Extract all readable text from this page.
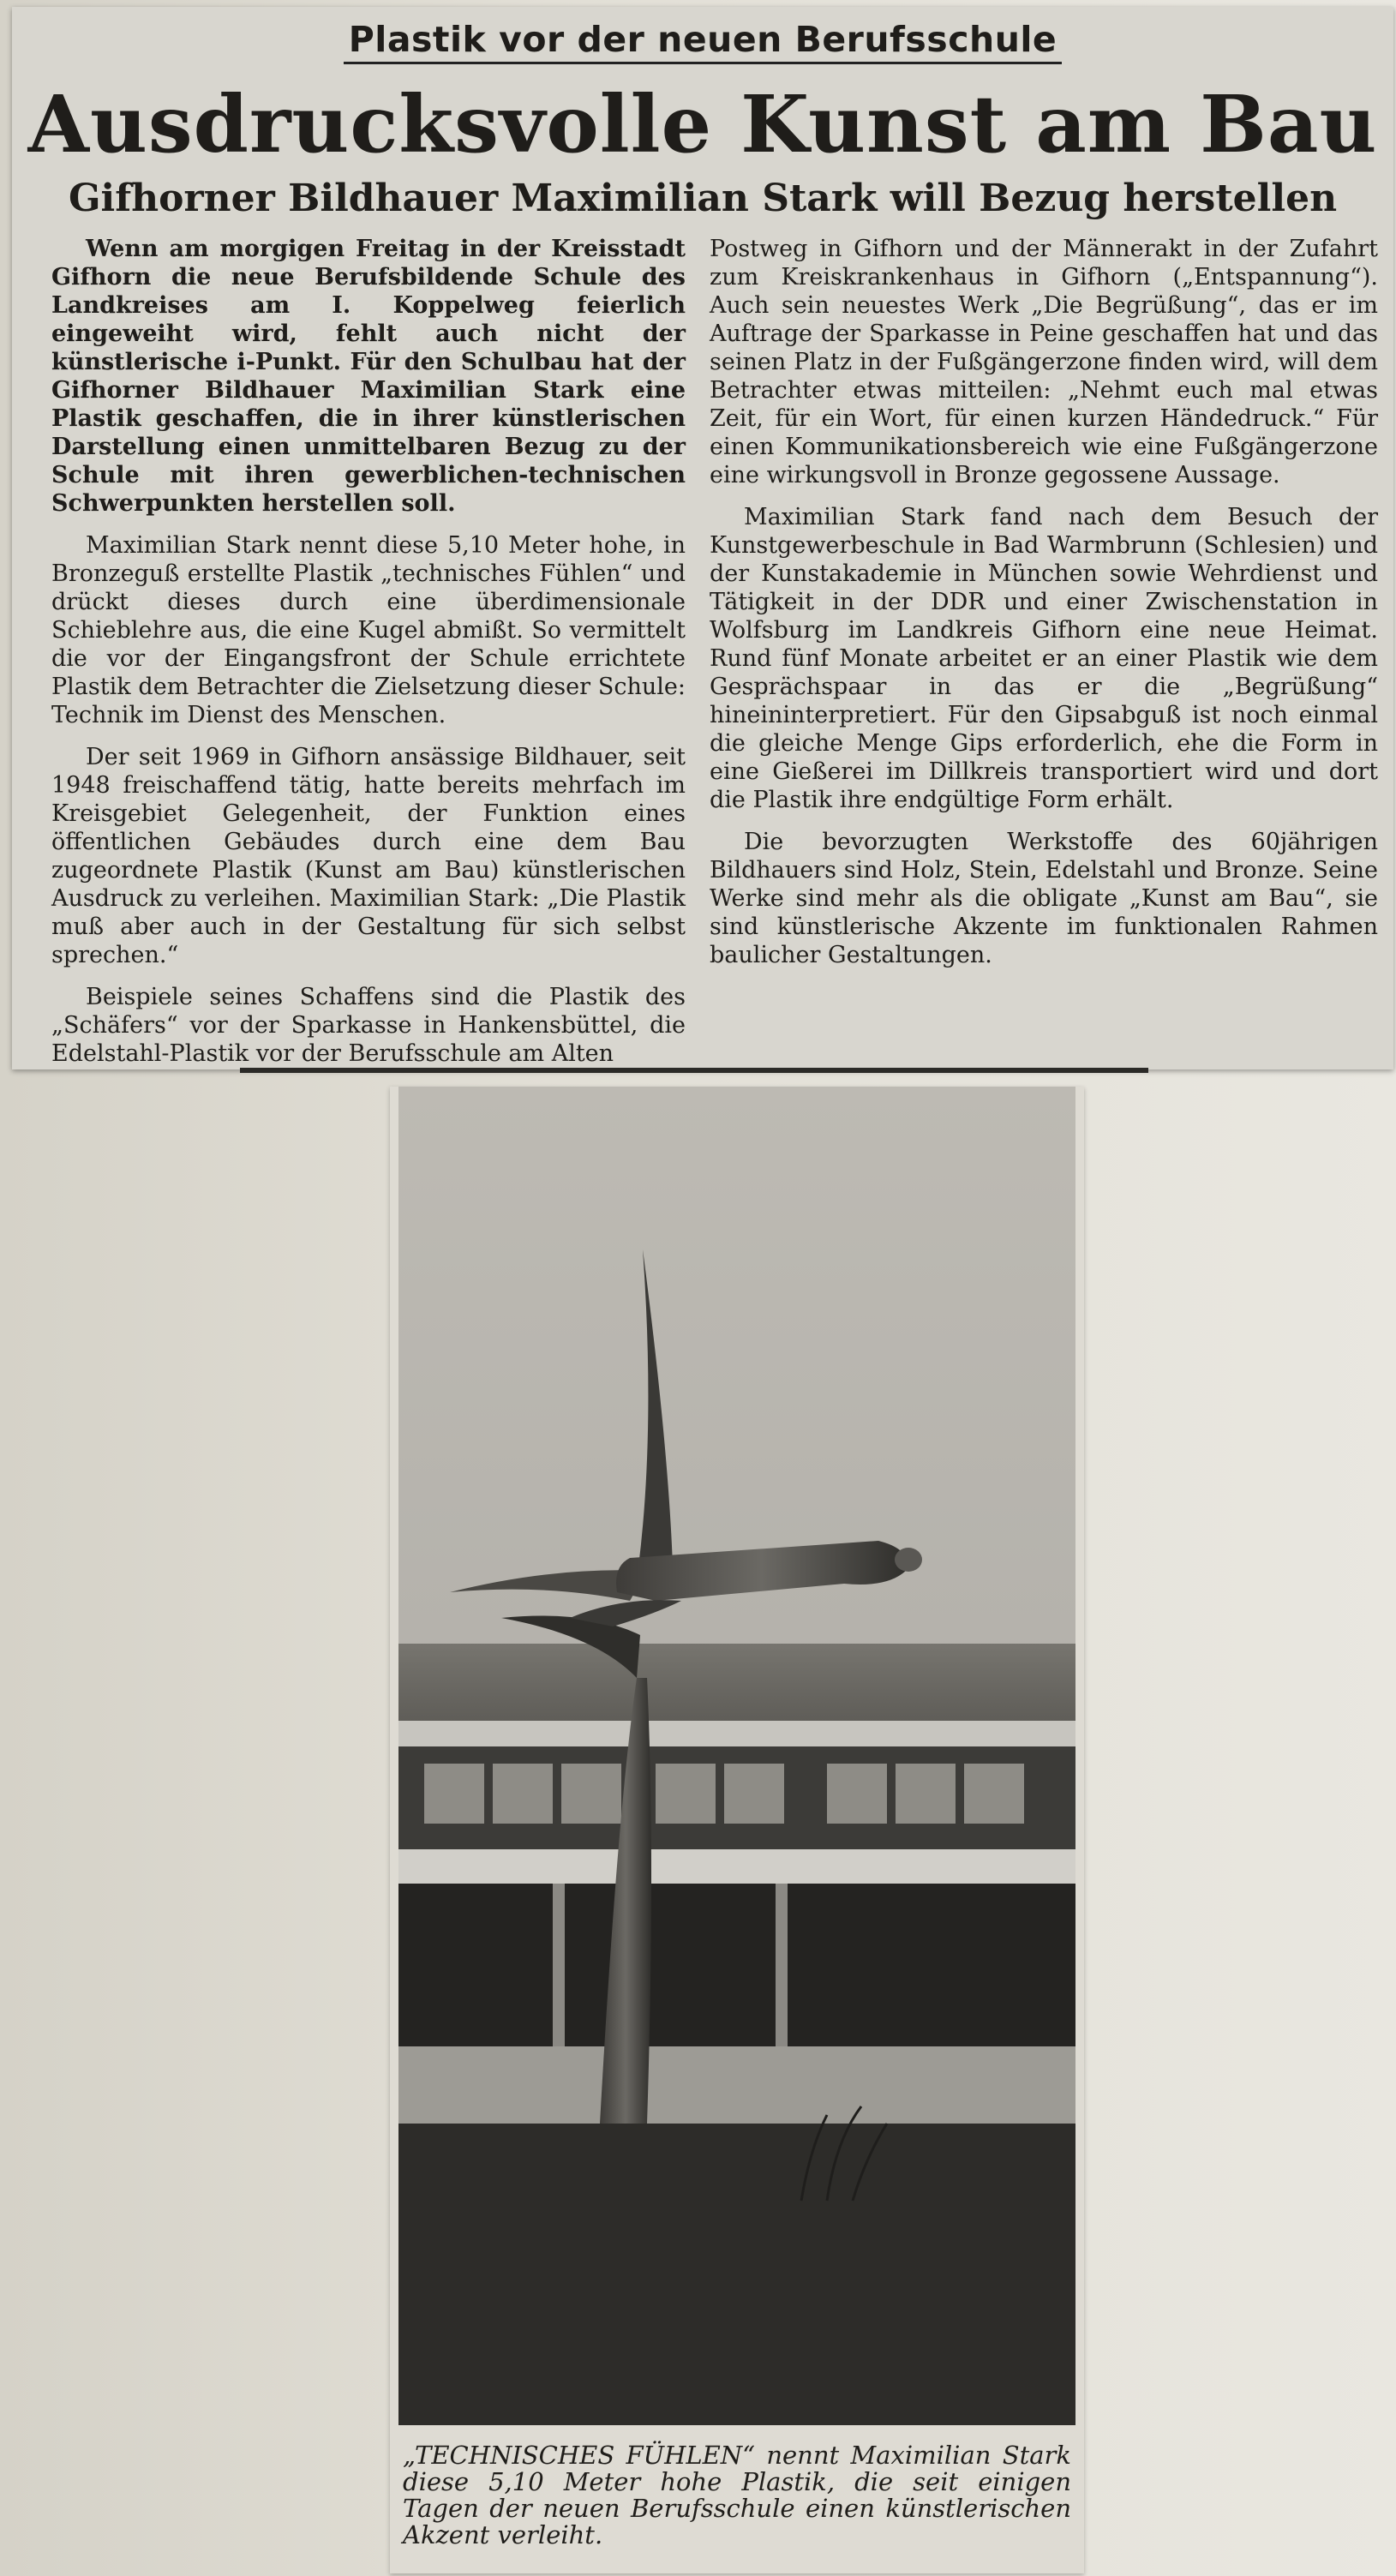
Plastik vor der neuen Berufsschule
Ausdrucksvolle Kunst am Bau
Gifhorner Bildhauer Maximilian Stark will Bezug herstellen

Wenn am morgigen Freitag in der Kreisstadt Gifhorn die neue Berufsbildende Schule des Landkreises am I. Koppelweg feierlich eingeweiht wird, fehlt auch nicht der künstlerische i-Punkt. Für den Schulbau hat der Gifhorner Bildhauer Maximilian Stark eine Plastik geschaffen, die in ihrer künstlerischen Darstellung einen unmittelbaren Bezug zu der Schule mit ihren gewerblichen-technischen Schwerpunkten herstellen soll.

Maximilian Stark nennt diese 5,10 Meter hohe, in Bronzeguß erstellte Plastik „technisches Fühlen“ und drückt dieses durch eine überdimensionale Schieblehre aus, die eine Kugel abmißt. So vermittelt die vor der Eingangsfront der Schule errichtete Plastik dem Betrachter die Zielsetzung dieser Schule: Technik im Dienst des Menschen.

Der seit 1969 in Gifhorn ansässige Bildhauer, seit 1948 freischaffend tätig, hatte bereits mehrfach im Kreisgebiet Gelegenheit, der Funktion eines öffentlichen Gebäudes durch eine dem Bau zugeordnete Plastik (Kunst am Bau) künstlerischen Ausdruck zu verleihen. Maximilian Stark: „Die Plastik muß aber auch in der Gestaltung für sich selbst sprechen.“

Beispiele seines Schaffens sind die Plastik des „Schäfers“ vor der Sparkasse in Hankensbüttel, die Edelstahl-Plastik vor der Berufsschule am Alten

Postweg in Gifhorn und der Männerakt in der Zufahrt zum Kreiskrankenhaus in Gifhorn („Entspannung“). Auch sein neuestes Werk „Die Begrüßung“, das er im Auftrage der Sparkasse in Peine geschaffen hat und das seinen Platz in der Fußgängerzone finden wird, will dem Betrachter etwas mitteilen: „Nehmt euch mal etwas Zeit, für ein Wort, für einen kurzen Händedruck.“ Für einen Kommunikationsbereich wie eine Fußgängerzone eine wirkungsvoll in Bronze gegossene Aussage.

Maximilian Stark fand nach dem Besuch der Kunstgewerbeschule in Bad Warmbrunn (Schlesien) und der Kunstakademie in München sowie Wehrdienst und Tätigkeit in der DDR und einer Zwischenstation in Wolfsburg im Landkreis Gifhorn eine neue Heimat. Rund fünf Monate arbeitet er an einer Plastik wie dem Gesprächspaar in das er die „Begrüßung“ hineininterpretiert. Für den Gipsabguß ist noch einmal die gleiche Menge Gips erforderlich, ehe die Form in eine Gießerei im Dillkreis transportiert wird und dort die Plastik ihre endgültige Form erhält.

Die bevorzugten Werkstoffe des 60jährigen Bildhauers sind Holz, Stein, Edelstahl und Bronze. Seine Werke sind mehr als die obligate „Kunst am Bau“, sie sind künstlerische Akzente im funktionalen Rahmen baulicher Gestaltungen.

„TECHNISCHES FÜHLEN“ nennt Maximilian Stark diese 5,10 Meter hohe Plastik, die seit einigen Tagen der neuen Berufsschule einen künstlerischen Akzent verleiht.
